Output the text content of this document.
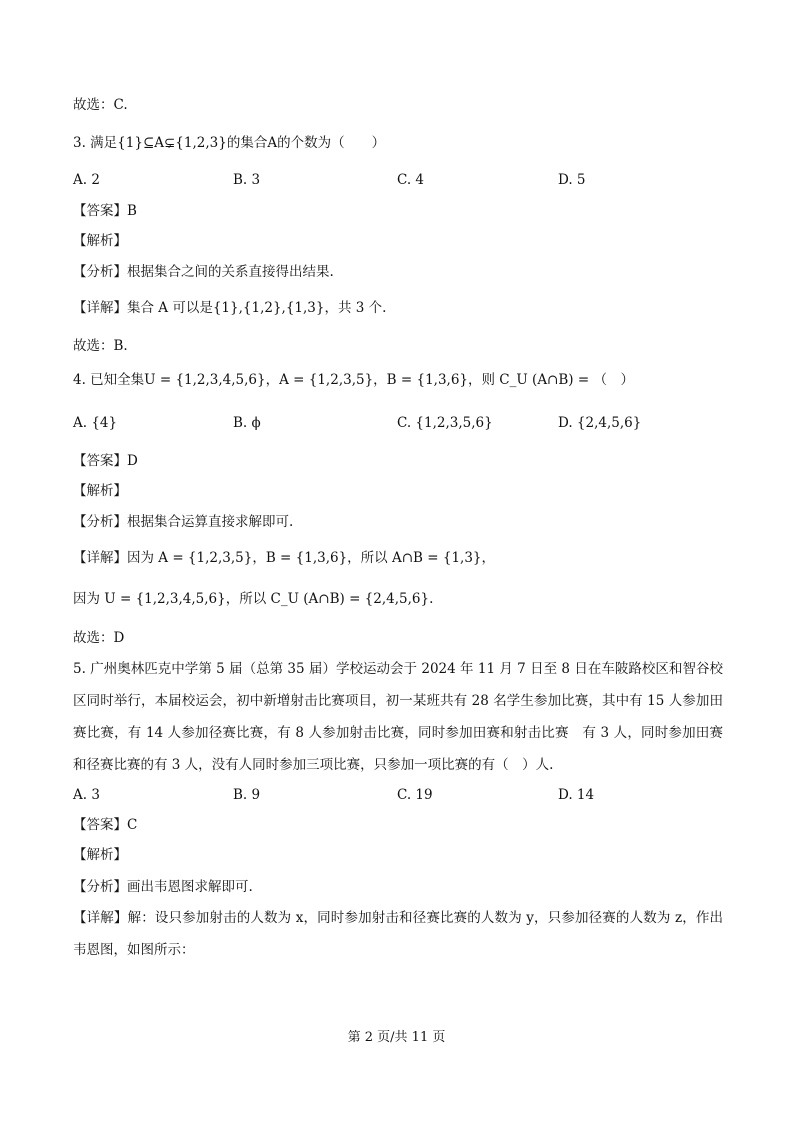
故选：C.
3. 满足{1}⊆A⊊{1,2,3}的集合A的个数为（　　）
A. 2	B. 3	C. 4	D. 5
【答案】B
【解析】
【分析】根据集合之间的关系直接得出结果.
【详解】集合 A 可以是{1},{1,2},{1,3}，共 3 个.
故选：B.
4. 已知全集U = {1,2,3,4,5,6}，A = {1,2,3,5}，B = {1,3,6}，则 C_U (A∩B) = （　）
A. {4}	B. ϕ	C. {1,2,3,5,6}	D. {2,4,5,6}
【答案】D
【解析】
【分析】根据集合运算直接求解即可.
【详解】因为 A = {1,2,3,5}，B = {1,3,6}，所以 A∩B = {1,3}，
因为 U = {1,2,3,4,5,6}，所以 C_U (A∩B) = {2,4,5,6}.
故选：D
5. 广州奥林匹克中学第 5 届（总第 35 届）学校运动会于 2024 年 11 月 7 日至 8 日在车陂路校区和智谷校区同时举行，本届校运会，初中新增射击比赛项目，初一某班共有 28 名学生参加比赛，其中有 15 人参加田赛比赛，有 14 人参加径赛比赛，有 8 人参加射击比赛，同时参加田赛和射击比赛　有 3 人，同时参加田赛和径赛比赛的有 3 人，没有人同时参加三项比赛，只参加一项比赛的有（　）人.
A. 3	B. 9	C. 19	D. 14
【答案】C
【解析】
【分析】画出韦恩图求解即可.
【详解】解：设只参加射击的人数为 x，同时参加射击和径赛比赛的人数为 y，只参加径赛的人数为 z，作出韦恩图，如图所示：
第 2 页/共 11 页
